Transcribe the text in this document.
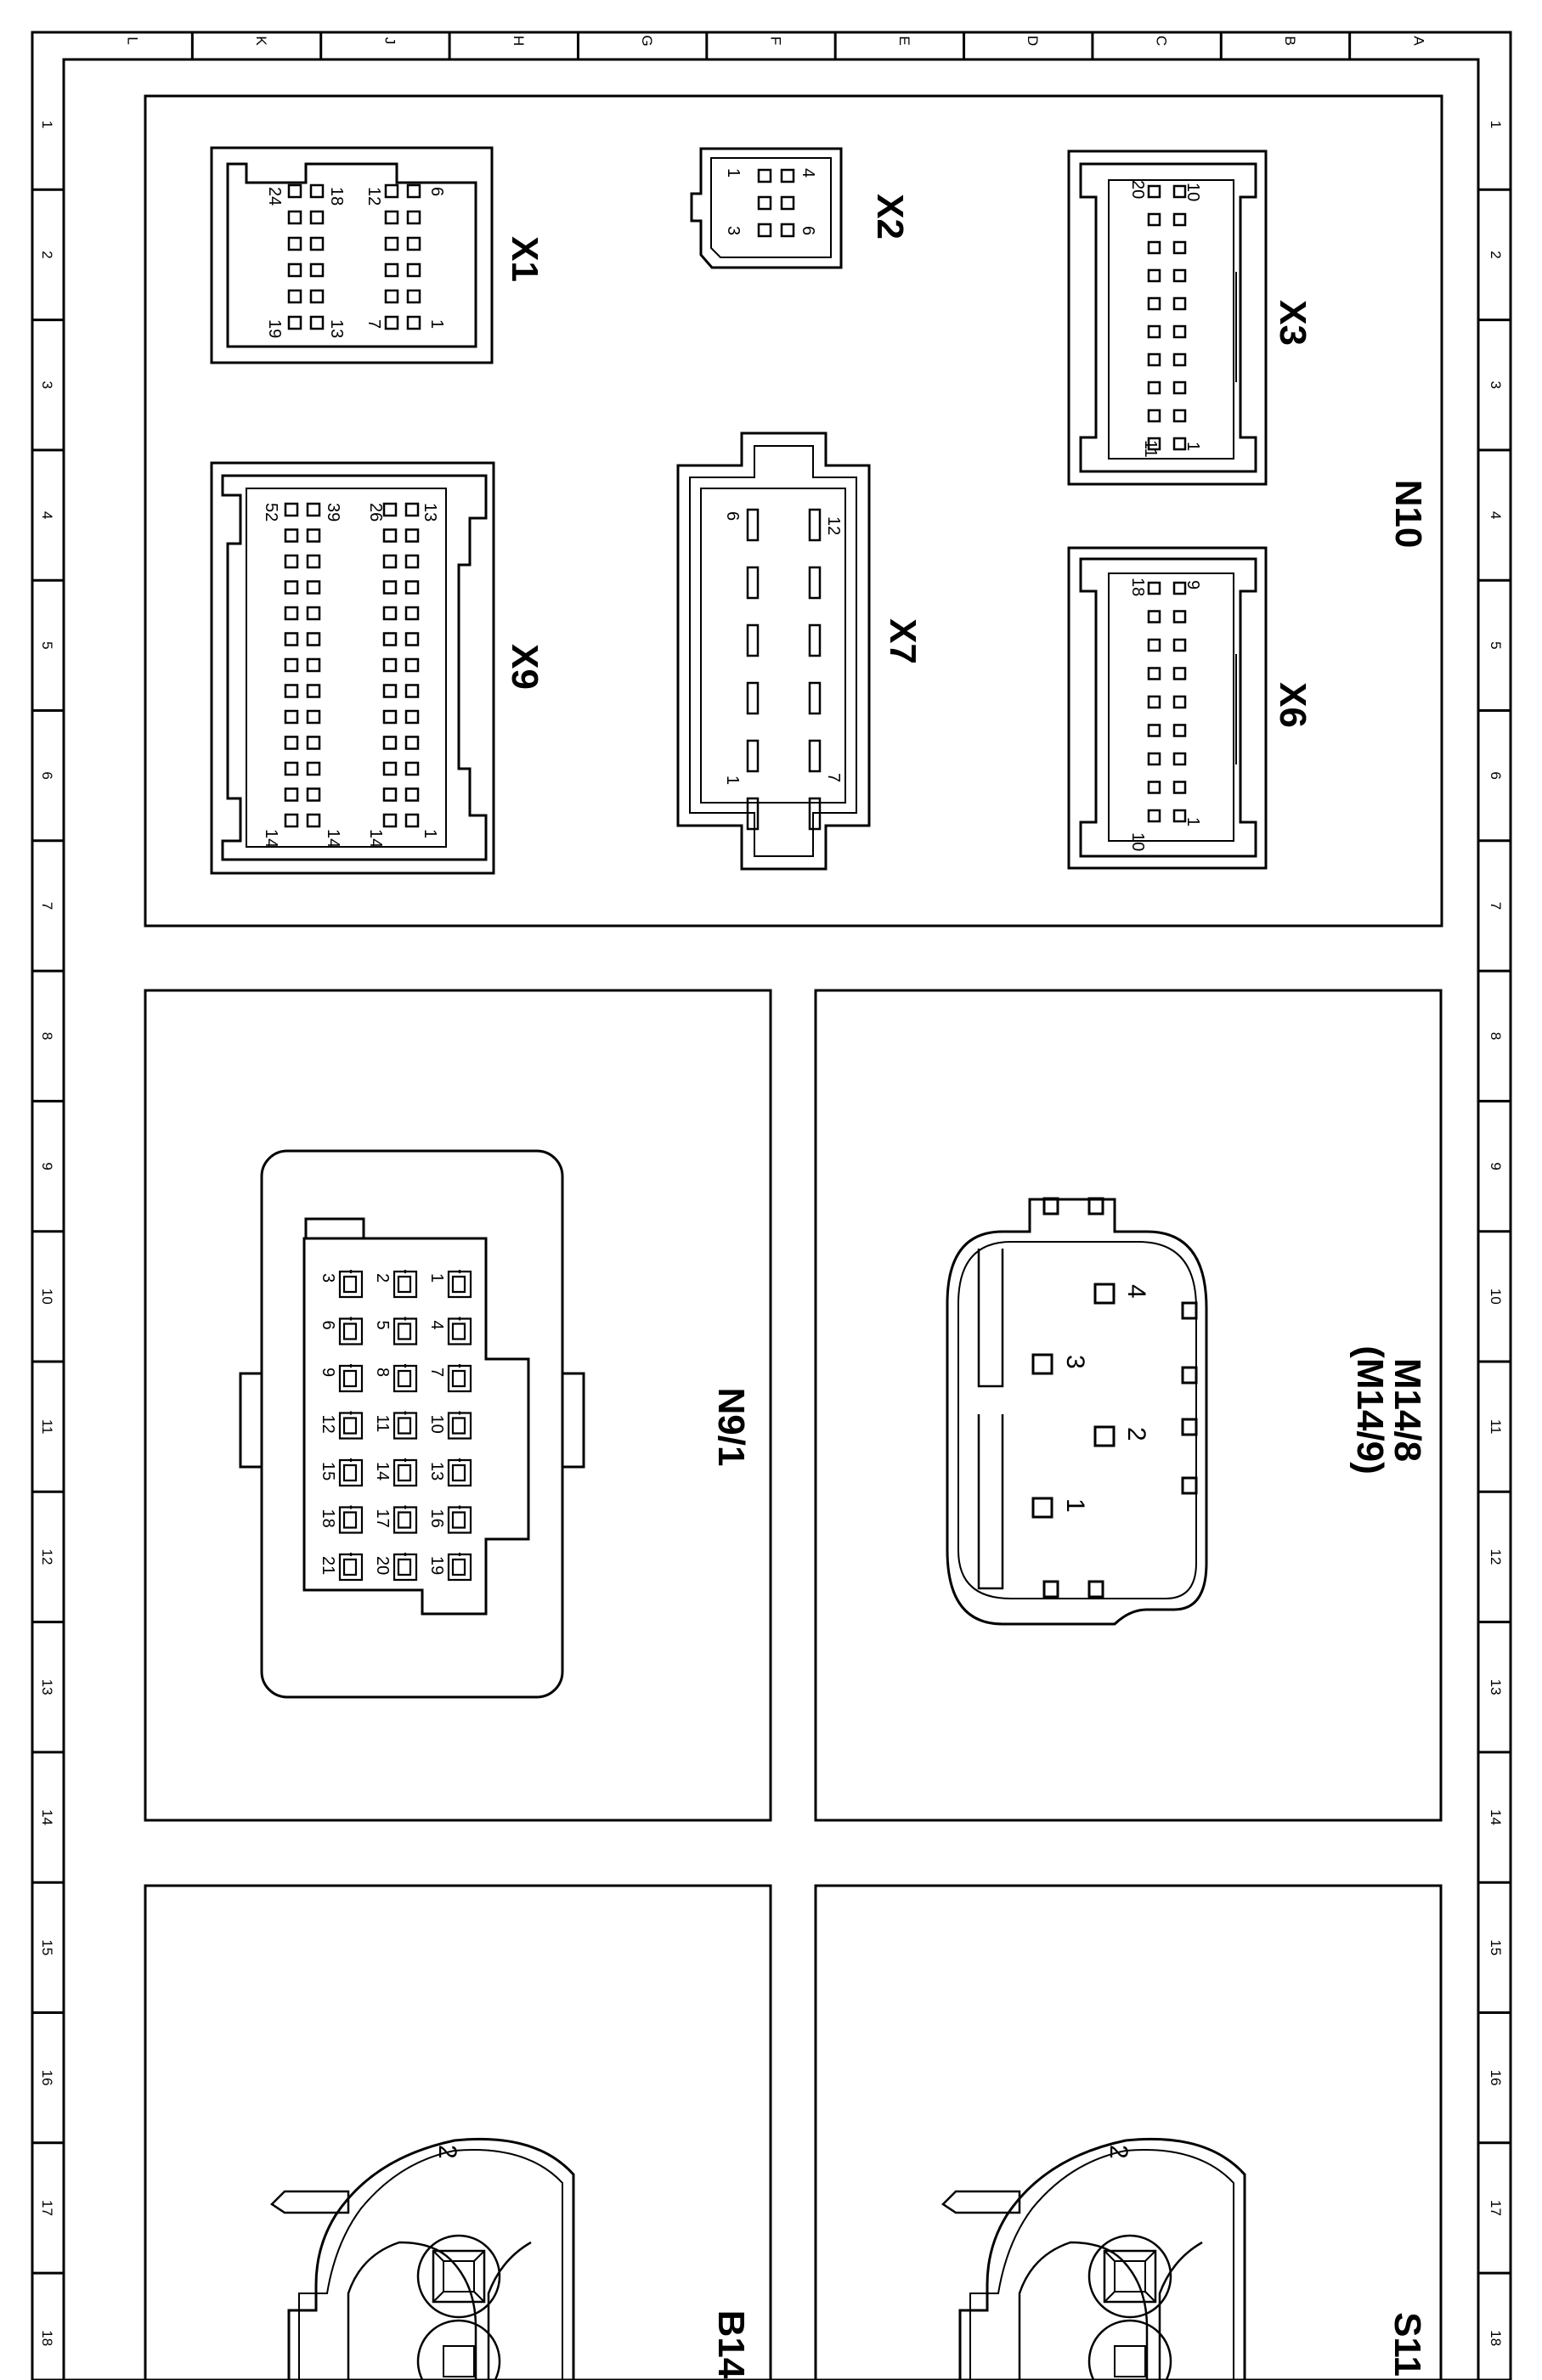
L	K	J	H	G	F	E	D	C	B	A
1
2
3
4
5
6
7
8
9
10
11
12
13
14
15
16
17
18
1
2
3
4
5
6
7
8
9
10
11
12
13
14
15
16
17
18
N10
6
12
18
24
1
7
13
19
X1
4
1
6
3	X2
10
20
1
11
X3
13
26
39
52
1
14
14
14
X9
12
6
7
1
X7
9
18
1
10
X6
1
2
3
4
5
6
7
8
9
10
11
12
13
14
15
16
17
18
19
20
21
N9/1
4
3
2
1
M14/8
(M14/9)
2
B14
2
S11
